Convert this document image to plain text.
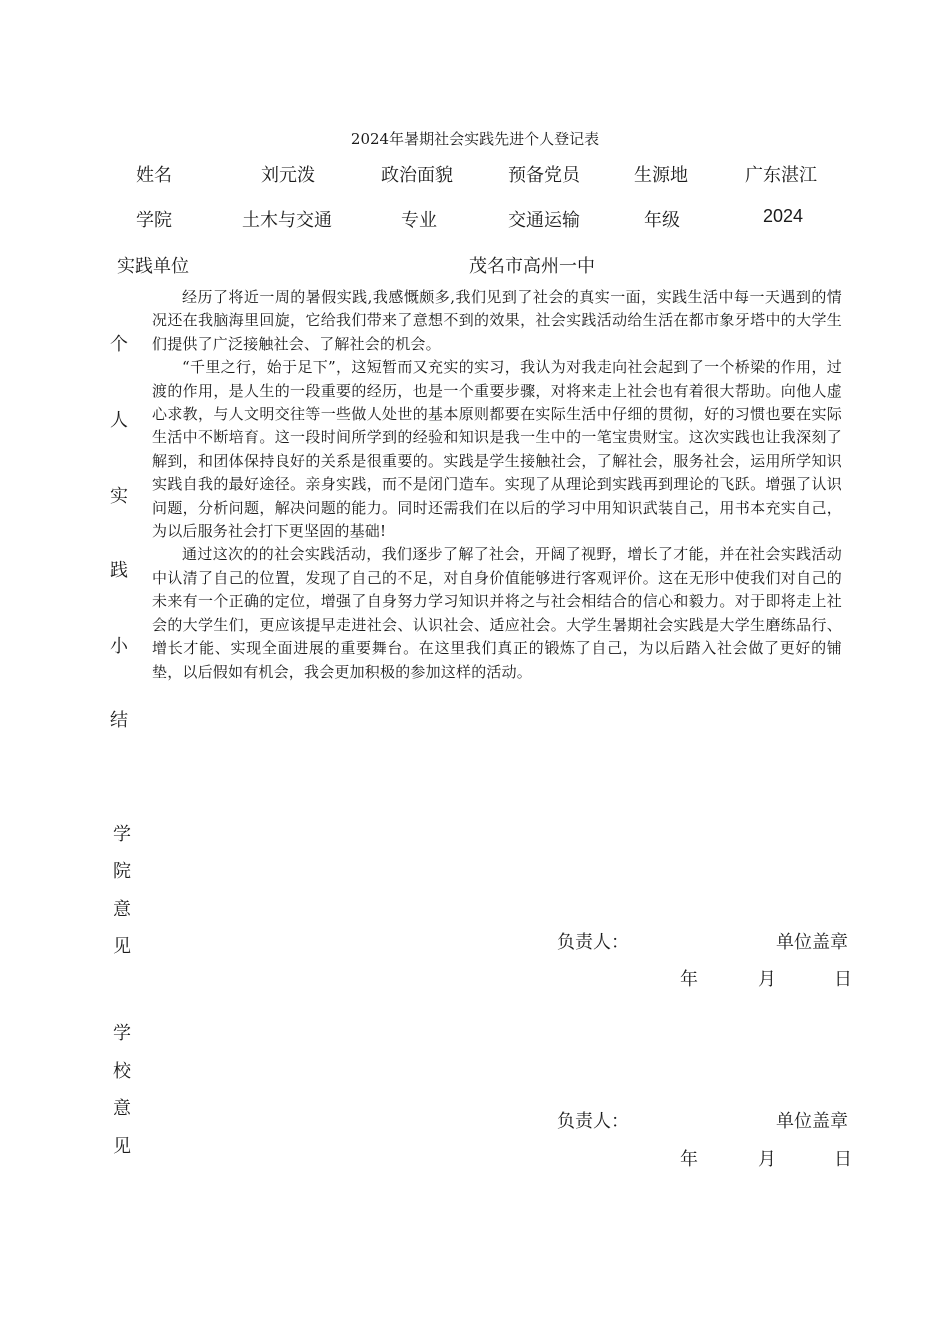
2024年暑期社会实践先进个人登记表
姓名	刘元泼	政治面貌	预备党员	生源地	广东湛江
学院	土木与交通	专业	交通运输	年级	2024
实践单位	茂名市高州一中
个
人
实
践
小
结

经历了将近一周的暑假实践,我感慨颇多,我们见到了社会的真实一面，实践生活中每一天遇到的情况还在我脑海里回旋，它给我们带来了意想不到的效果，社会实践活动给生活在都市象牙塔中的大学生们提供了广泛接触社会、了解社会的机会。

“千里之行，始于足下”，这短暂而又充实的实习，我认为对我走向社会起到了一个桥梁的作用，过渡的作用，是人生的一段重要的经历，也是一个重要步骤，对将来走上社会也有着很大帮助。向他人虚心求教，与人文明交往等一些做人处世的基本原则都要在实际生活中仔细的贯彻，好的习惯也要在实际生活中不断培育。这一段时间所学到的经验和知识是我一生中的一笔宝贵财宝。这次实践也让我深刻了解到，和团体保持良好的关系是很重要的。实践是学生接触社会，了解社会，服务社会，运用所学知识实践自我的最好途径。亲身实践，而不是闭门造车。实现了从理论到实践再到理论的飞跃。增强了认识问题，分析问题，解决问题的能力。同时还需我们在以后的学习中用知识武装自己，用书本充实自己，为以后服务社会打下更坚固的基础!

通过这次的的社会实践活动，我们逐步了解了社会，开阔了视野，增长了才能，并在社会实践活动中认清了自己的位置，发现了自己的不足，对自身价值能够进行客观评价。这在无形中使我们对自己的未来有一个正确的定位，增强了自身努力学习知识并将之与社会相结合的信心和毅力。对于即将走上社会的大学生们，更应该提早走进社会、认识社会、适应社会。大学生暑期社会实践是大学生磨练品行、增长才能、实现全面进展的重要舞台。在这里我们真正的锻炼了自己，为以后踏入社会做了更好的铺垫，以后假如有机会，我会更加积极的参加这样的活动。

学
院
意
见	负责人：	单位盖章
年	月	日
学
校
意
见
负责人：	单位盖章
年	月	日
